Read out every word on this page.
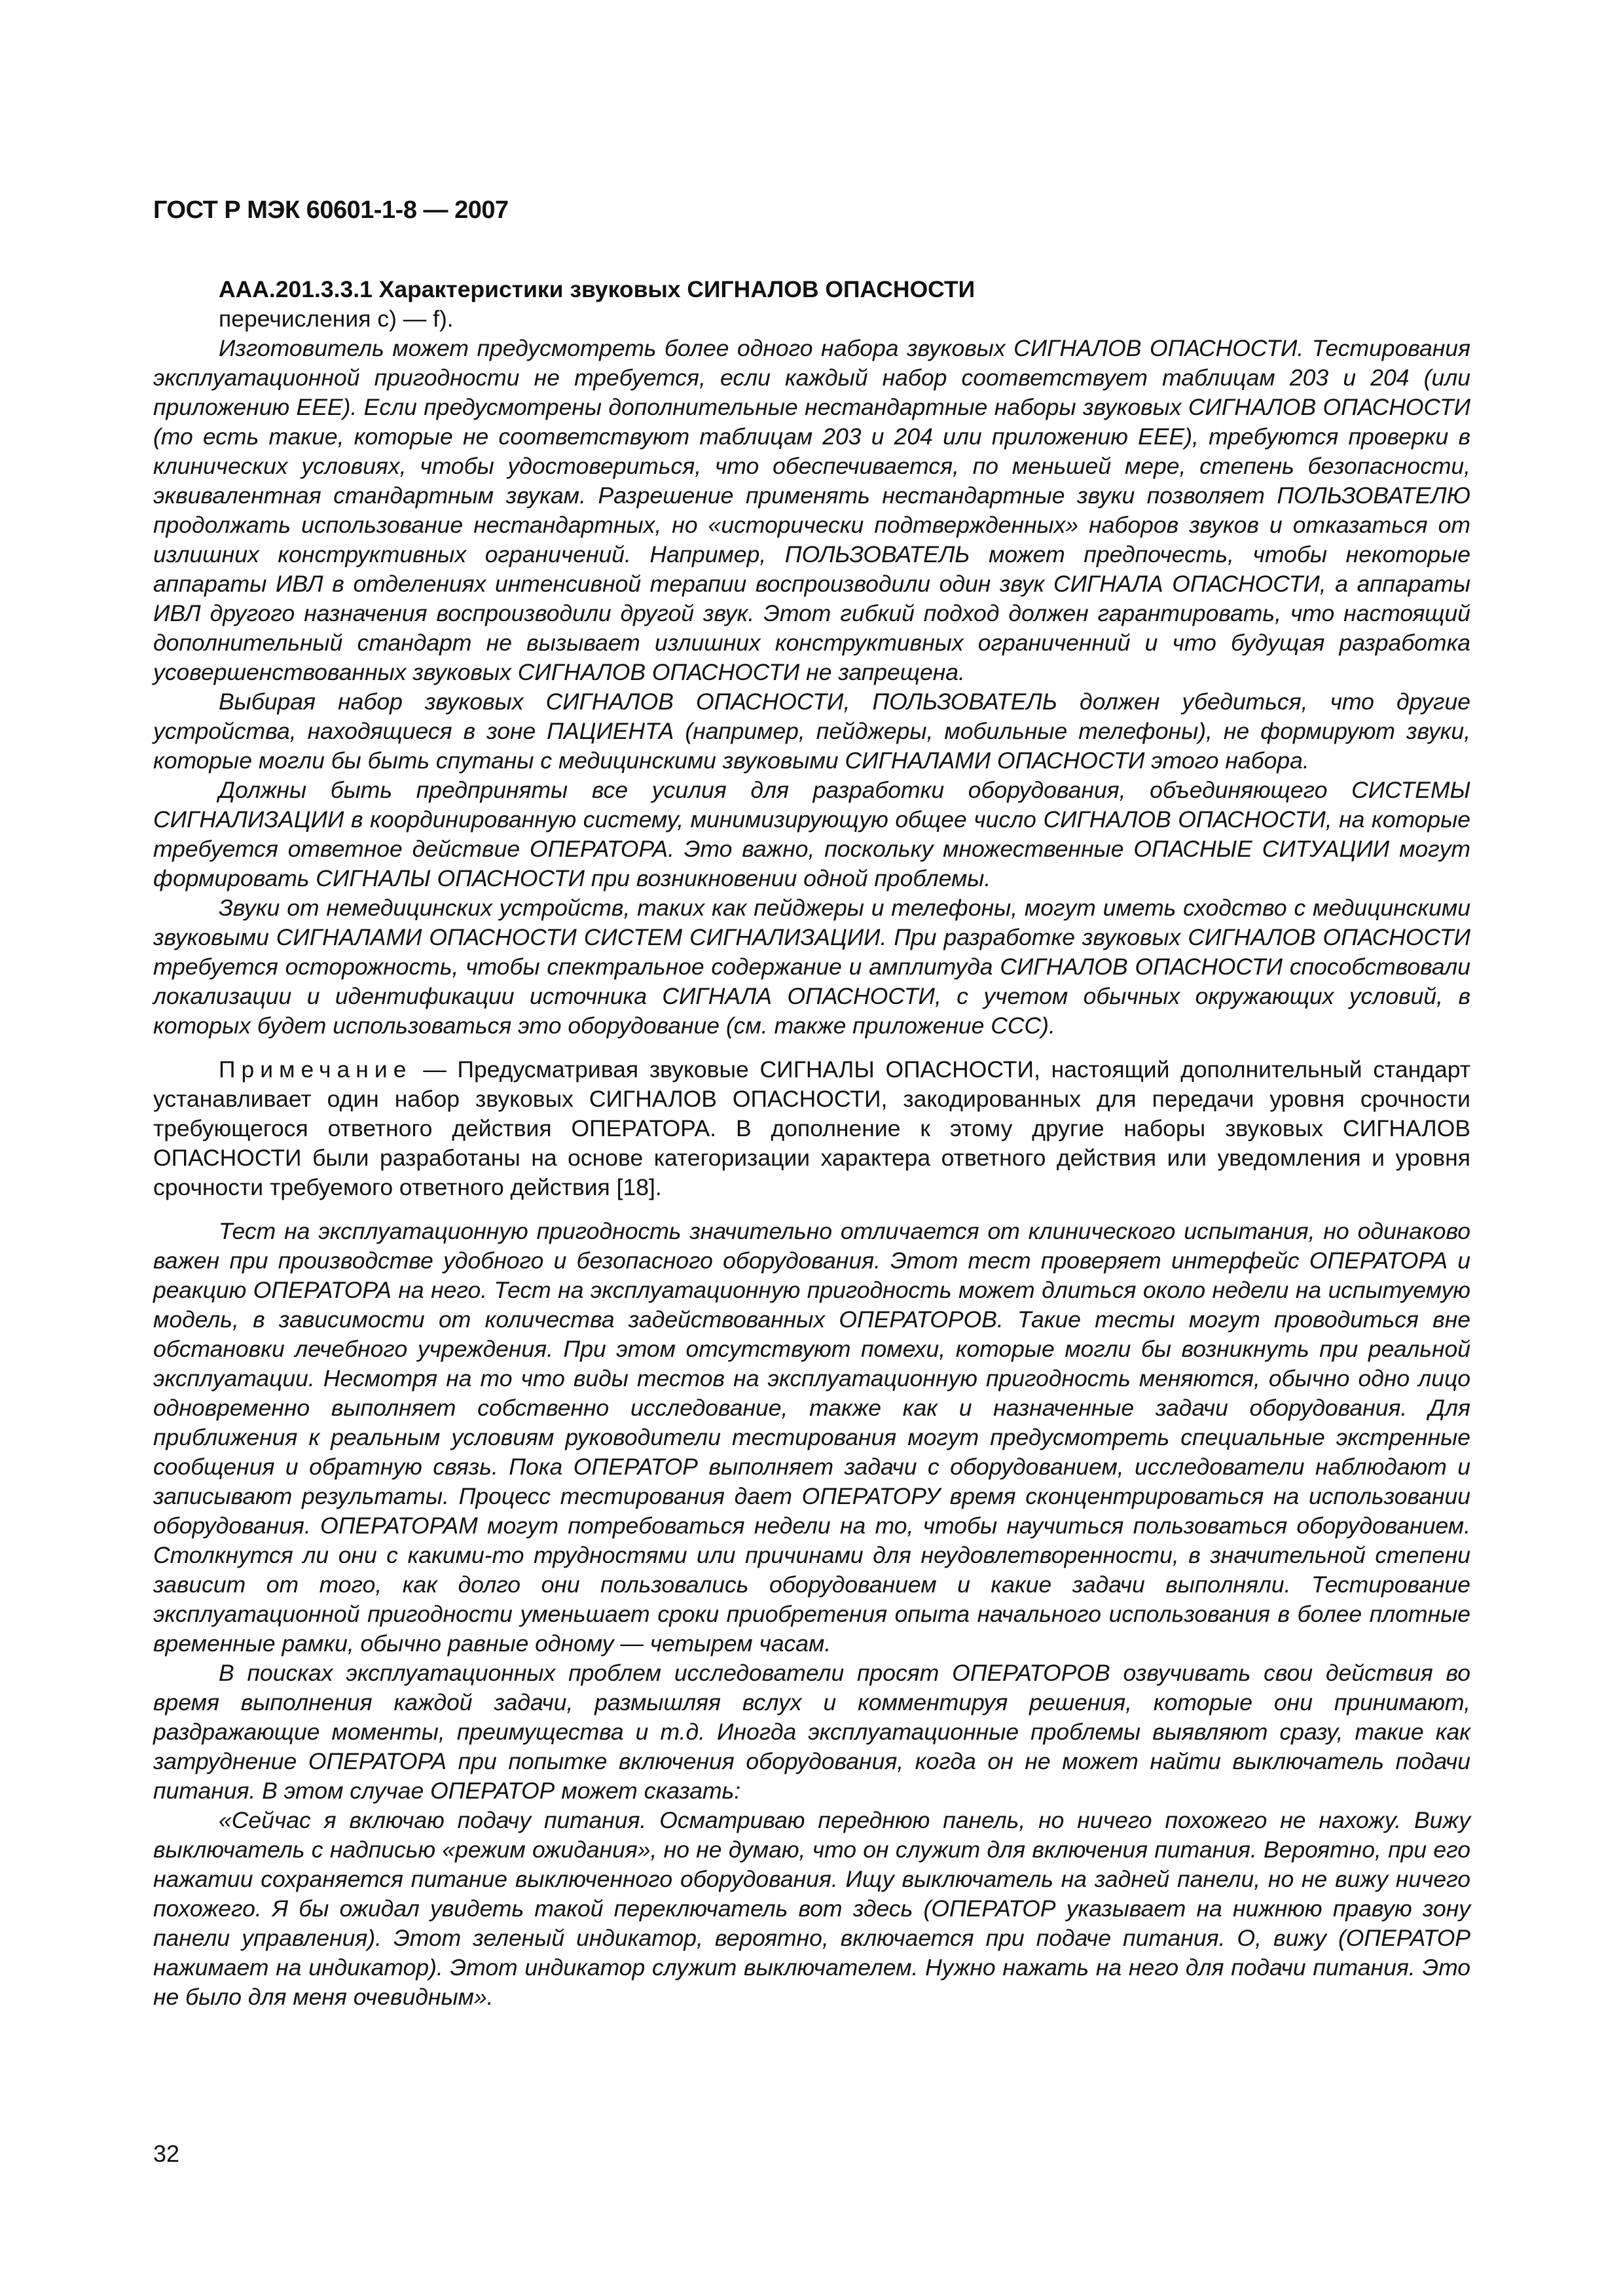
ГОСТ Р МЭК 60601-1-8 — 2007

AAA.201.3.3.1 Характеристики звуковых СИГНАЛОВ ОПАСНОСТИ

перечисления с) — f).

Изготовитель может предусмотреть более одного набора звуковых СИГНАЛОВ ОПАСНОСТИ. Тестирования эксплуатационной пригодности не требуется, если каждый набор соответствует таблицам 203 и 204 (или приложению ЕЕЕ). Если предусмотрены дополнительные нестандартные наборы звуковых СИГНАЛОВ ОПАСНОСТИ (то есть такие, которые не соответствуют таблицам 203 и 204 или приложению ЕЕЕ), требуются проверки в клинических условиях, чтобы удостовериться, что обеспечивается, по меньшей мере, степень безопасности, эквивалентная стандартным звукам. Разрешение применять нестандартные звуки позволяет ПОЛЬЗОВАТЕЛЮ продолжать использование нестандартных, но «исторически подтвержденных» наборов звуков и отказаться от излишних конструктивных ограничений. Например, ПОЛЬЗОВАТЕЛЬ может предпочесть, чтобы некоторые аппараты ИВЛ в отделениях интенсивной терапии воспроизводили один звук СИГНАЛА ОПАСНОСТИ, а аппараты ИВЛ другого назначения воспроизводили другой звук. Этот гибкий подход должен гарантировать, что настоящий дополнительный стандарт не вызывает излишних конструктивных ограниченний и что будущая разработка усовершенствованных звуковых СИГНАЛОВ ОПАСНОСТИ не запрещена.

Выбирая набор звуковых СИГНАЛОВ ОПАСНОСТИ, ПОЛЬЗОВАТЕЛЬ должен убедиться, что другие устройства, находящиеся в зоне ПАЦИЕНТА (например, пейджеры, мобильные телефоны), не формируют звуки, которые могли бы быть спутаны с медицинскими звуковыми СИГНАЛАМИ ОПАСНОСТИ этого набора.

Должны быть предприняты все усилия для разработки оборудования, объединяющего СИСТЕМЫ СИГНАЛИЗАЦИИ в координированную систему, минимизирующую общее число СИГНАЛОВ ОПАСНОСТИ, на которые требуется ответное действие ОПЕРАТОРА. Это важно, поскольку множественные ОПАСНЫЕ СИТУАЦИИ могут формировать СИГНАЛЫ ОПАСНОСТИ при возникновении одной проблемы.

Звуки от немедицинских устройств, таких как пейджеры и телефоны, могут иметь сходство с медицинскими звуковыми СИГНАЛАМИ ОПАСНОСТИ СИСТЕМ СИГНАЛИЗАЦИИ. При разработке звуковых СИГНАЛОВ ОПАСНОСТИ требуется осторожность, чтобы спектральное содержание и амплитуда СИГНАЛОВ ОПАСНОСТИ способствовали локализации и идентификации источника СИГНАЛА ОПАСНОСТИ, с учетом обычных окружающих условий, в которых будет использоваться это оборудование (см. также приложение ССС).

Примечание — Предусматривая звуковые СИГНАЛЫ ОПАСНОСТИ, настоящий дополнительный стандарт устанавливает один набор звуковых СИГНАЛОВ ОПАСНОСТИ, закодированных для передачи уровня срочности требующегося ответного действия ОПЕРАТОРА. В дополнение к этому другие наборы звуковых СИГНАЛОВ ОПАСНОСТИ были разработаны на основе категоризации характера ответного действия или уведомления и уровня срочности требуемого ответного действия [18].

Тест на эксплуатационную пригодность значительно отличается от клинического испытания, но одинаково важен при производстве удобного и безопасного оборудования. Этот тест проверяет интерфейс ОПЕРАТОРА и реакцию ОПЕРАТОРА на него. Тест на эксплуатационную пригодность может длиться около недели на испытуемую модель, в зависимости от количества задействованных ОПЕРАТОРОВ. Такие тесты могут проводиться вне обстановки лечебного учреждения. При этом отсутствуют помехи, которые могли бы возникнуть при реальной эксплуатации. Несмотря на то что виды тестов на эксплуатационную пригодность меняются, обычно одно лицо одновременно выполняет собственно исследование, также как и назначенные задачи оборудования. Для приближения к реальным условиям руководители тестирования могут предусмотреть специальные экстренные сообщения и обратную связь. Пока ОПЕРАТОР выполняет задачи с оборудованием, исследователи наблюдают и записывают результаты. Процесс тестирования дает ОПЕРАТОРУ время сконцентрироваться на использовании оборудования. ОПЕРАТОРАМ могут потребоваться недели на то, чтобы научиться пользоваться оборудованием. Столкнутся ли они с какими-то трудностями или причинами для неудовлетворенности, в значительной степени зависит от того, как долго они пользовались оборудованием и какие задачи выполняли. Тестирование эксплуатационной пригодности уменьшает сроки приобретения опыта начального использования в более плотные временные рамки, обычно равные одному — четырем часам.

В поисках эксплуатационных проблем исследователи просят ОПЕРАТОРОВ озвучивать свои действия во время выполнения каждой задачи, размышляя вслух и комментируя решения, которые они принимают, раздражающие моменты, преимущества и т.д. Иногда эксплуатационные проблемы выявляют сразу, такие как затруднение ОПЕРАТОРА при попытке включения оборудования, когда он не может найти выключатель подачи питания. В этом случае ОПЕРАТОР может сказать:

«Сейчас я включаю подачу питания. Осматриваю переднюю панель, но ничего похожего не нахожу. Вижу выключатель с надписью «режим ожидания», но не думаю, что он служит для включения питания. Вероятно, при его нажатии сохраняется питание выключенного оборудования. Ищу выключатель на задней панели, но не вижу ничего похожего. Я бы ожидал увидеть такой переключатель вот здесь (ОПЕРАТОР указывает на нижнюю правую зону панели управления). Этот зеленый индикатор, вероятно, включается при подаче питания. О, вижу (ОПЕРАТОР нажимает на индикатор). Этот индикатор служит выключателем. Нужно нажать на него для подачи питания. Это не было для меня очевидным».

32
